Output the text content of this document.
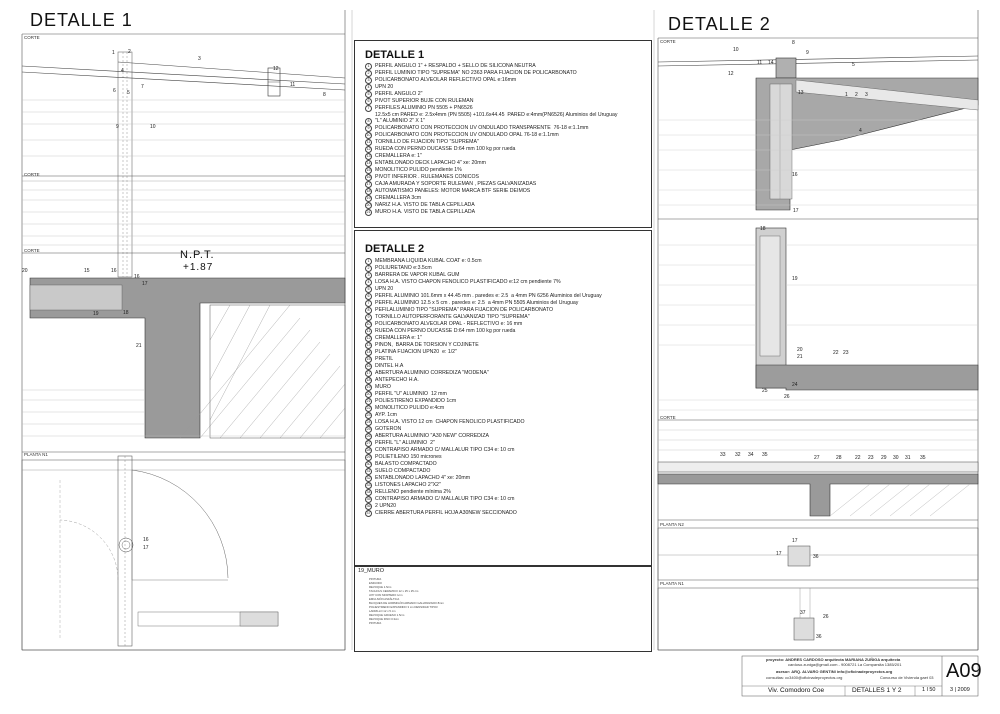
DETALLE 1	DETALLE 2
CORTE
CORTE
CORTE
PLANTA N1
N.P.T.
+1.87
1	2
3
4
5
6
7
8
9	10
11
12
16
17
18
19
20	15	16
21
16
17
DETALLE 1
1	PERFIL ÁNGULO 1" + RESPALDO + SELLO DE SILICONA NEUTRA
2	PERFIL LUMINIO TIPO "SUPREMA" NO 2363 PARA FIJACIÓN DE POLICARBONATO
3	POLICARBONATO ALVEOLAR REFLECTIVO OPAL e:16mm
4	UPN 20
5	PERFIL ÁNGULO 2"
6	PIVOT SUPERIOR BUJE CON RULEMAN
7	PERFILES ALUMINIO PN 5505 + PN6526
12.5x5 cm PARED e: 2.5x4mm (PN 5505) +101.6x44.45  PARED e:4mm(PN6526) Aluminios del Uruguay
8	"L" ALUMINIO 2" X 1"
9	POLICARBONATO CON PROTECCION UV ONDULADO TRANSPARENTE  76-18 e:1.1mm
10 POLICARBONATO CON PROTECCION UV ONDULADO OPAL 76-18 e:1.1mm
11 TORNILLO DE FIJACION TIPO "SUPREMA"
12 RUEDA CON PERNO DUCASSE D:64 mm 100 kg por rueda
13 CREMALLERA e: 1"
14 ENTABLONADO DECK LAPACHO 4" xe: 20mm
15 MONOLITICO PULIDO pendiente 1%
16 PIVOT INFERIOR . RULEMANES CÓNICOS
17 CAJA AMURADA Y SOPORTE RULEMAN , PIEZAS GALVANIZADAS
18 AUTOMATISMO PANELES: MOTOR MARCA BTF SERIE DEIMOS
19 CREMALLERA 3cm
20 NARIZ H.A. VISTO DE TABLA CEPILLADA
21 MURO H.A. VISTO DE TABLA CEPILLADA
DETALLE 2
1	MEMBRANA LIQUIDA KUBAL COAT e: 0.5cm
2	POLIURETANO e:3.5cm
3	BARRERA DE VAPOR KUBAL GUM
4	LOSA H.A. VISTO CHAPON FENOLICO PLASTIFICADO e:12 cm pendiente 7%
5	UPN 20
6	PERFIL ALUMINIO 101.6mm x 44.45 mm . paredes e: 2.5  a 4mm PN 6256 Aluminios del Uruguay
7	PERFIL ALUMINIO 12.5 x 5 cm . paredes e: 2.5  a 4mm PN 5505 Aluminios del Uruguay
8	PEFILALUMINIO TIPO "SUPREMA" PARA FIJACIÓN DE POLICARBONATO
9	TORNILLO AUTOPERFORANTE GALVANIZAD TIPO "SUPREMA"
10 POLICARBONATO ALVEOLAR OPAL - REFLECTIVO e: 16 mm
11 RUEDA CON PERNO DUCASSE D:64 mm 100 kg por rueda
12 CREMALLERA e: 1"
13 PIÑON,  BARRA DE TORSIÓN Y COJINETE
14 PLATINA FIJACION UPN20  e: 1/2"
15 PRETIL
16 DINTEL H.A
17 ABERTURA ALUMINIO CORREDIZA "MODENA"
18 ANTEPECHO H.A.
19 MURO
20 PERFIL "U" ALUMINIO  12 mm
21 POLIESTIRENO EXPANDIDO 1cm
22 MONOLITICO PULIDO e:4cm
23 AYP. 1cm
24 LOSA H.A. VISTO 12 cm  CHAPON FENÓLICO PLASTIFICADO
25 GOTERON
26 ABERTURA ALUMINIO "A30 NEW" CORREDIZA
27 PERFIL "L" ALUMINIO  2"
28 CONTRAPISO ARMADO C/ MALLALUR TIPO C34 e: 10 cm
29 POLIETILENO 150 micrones
30 BALASTO COMPACTADO
31 SUELO COMPACTADO
32 ENTABLONADO LAPACHO 4" xe: 20mm
33 LISTONES LAPACHO 2"X2"
34 RELLENO pendiente mínima 2%
35 CONTRAPISO ARMADO C/ MALLALUR TIPO C34 e: 10 cm
36 2 UPN20
37 CIERRE ABERTURA PERFIL HOJA A30NEW SECCIONADO
19_MURO
PINTURA
ENDUIDO
REVOQUE 1.5cm
TACHOLS CERAMICO 12 x 25 x 25 cm
AYP CON MORTERO 1cm
EMULSIÓN ASFÁLTICA
BLOQUES DE HORMIGÓN ARMADO GALVANIZADO 8mm
POLIESTIRENO EXPANDIDO 3 cm DENSIDAD TIPO3
LADRILLO 12 x 5 cm
REVOQUE GRUESO 1.5cm
REVOQUE FINO 0.3cm
PINTURA
CORTE
CORTE
PLANTA N2
PLANTA N1
10
11 14
12
8
9
5
13	1 2 3
4
16
17
18
19
20
21
22 23
25
26
24
33 32 34 35	27	28	22 23 29 30 31 35
17
17	36
37
36
26
proyecto: ANDRES CARDOSO arquitecta MARIANA ZUÑIGA arquitecta
cardoso.zuniga@gmail.com - 9008721 La Comparsita 1385/201
asesor: ARQ. ALVARO GENTINI info@oficinadeproyectos.org
consultas: cc3400@oficinadeproyectos.org	Concurso de Vivienda gaet 03 A09
Viv. Comodoro Coe	DETALLES 1 Y 2	1 l 50	3 | 2009
